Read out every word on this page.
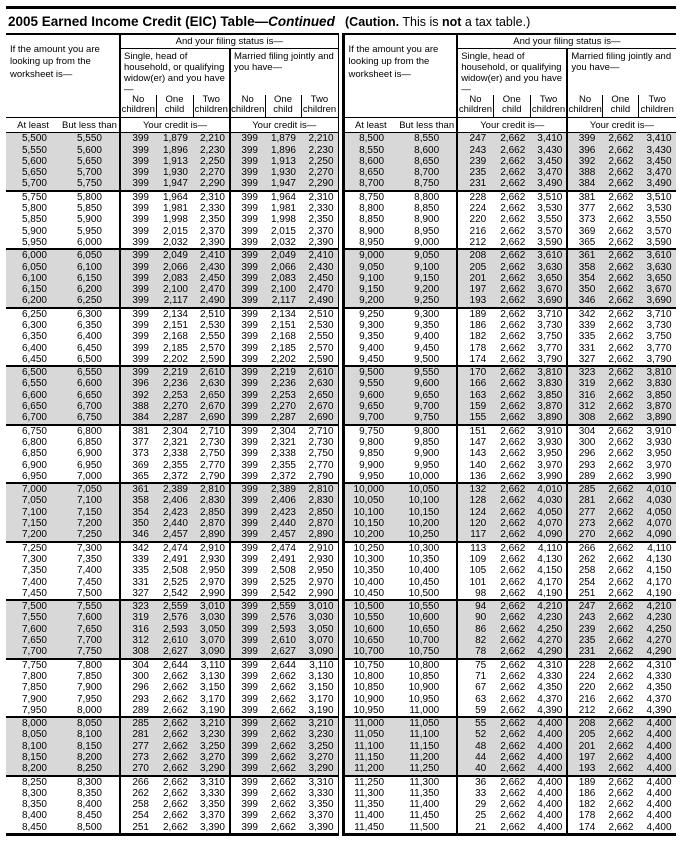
2005 Earned Income Credit (EIC) Table—Continued (Caution. This is not a tax table.)
If the amount you are looking up from the worksheet is—		And your filing status is—					
		Single, head of household, or qualifying widow(er) and you have—			Married filing jointly and you have—		
		No children	One child	Two children	No children	One child	Two children
At least	But less than	Your credit is—			Your credit is—		
5,500	5,550	399	1,879	2,210	399	1,879	2,210
5,550	5,600	399	1,896	2,230	399	1,896	2,230
5,600	5,650	399	1,913	2,250	399	1,913	2,250
5,650	5,700	399	1,930	2,270	399	1,930	2,270
5,700	5,750	399	1,947	2,290	399	1,947	2,290
5,750	5,800	399	1,964	2,310	399	1,964	2,310
5,800	5,850	399	1,981	2,330	399	1,981	2,330
5,850	5,900	399	1,998	2,350	399	1,998	2,350
5,900	5,950	399	2,015	2,370	399	2,015	2,370
5,950	6,000	399	2,032	2,390	399	2,032	2,390
6,000	6,050	399	2,049	2,410	399	2,049	2,410
6,050	6,100	399	2,066	2,430	399	2,066	2,430
6,100	6,150	399	2,083	2,450	399	2,083	2,450
6,150	6,200	399	2,100	2,470	399	2,100	2,470
6,200	6,250	399	2,117	2,490	399	2,117	2,490
6,250	6,300	399	2,134	2,510	399	2,134	2,510
6,300	6,350	399	2,151	2,530	399	2,151	2,530
6,350	6,400	399	2,168	2,550	399	2,168	2,550
6,400	6,450	399	2,185	2,570	399	2,185	2,570
6,450	6,500	399	2,202	2,590	399	2,202	2,590
6,500	6,550	399	2,219	2,610	399	2,219	2,610
6,550	6,600	396	2,236	2,630	399	2,236	2,630
6,600	6,650	392	2,253	2,650	399	2,253	2,650
6,650	6,700	388	2,270	2,670	399	2,270	2,670
6,700	6,750	384	2,287	2,690	399	2,287	2,690
6,750	6,800	381	2,304	2,710	399	2,304	2,710
6,800	6,850	377	2,321	2,730	399	2,321	2,730
6,850	6,900	373	2,338	2,750	399	2,338	2,750
6,900	6,950	369	2,355	2,770	399	2,355	2,770
6,950	7,000	365	2,372	2,790	399	2,372	2,790
7,000	7,050	361	2,389	2,810	399	2,389	2,810
7,050	7,100	358	2,406	2,830	399	2,406	2,830
7,100	7,150	354	2,423	2,850	399	2,423	2,850
7,150	7,200	350	2,440	2,870	399	2,440	2,870
7,200	7,250	346	2,457	2,890	399	2,457	2,890
7,250	7,300	342	2,474	2,910	399	2,474	2,910
7,300	7,350	339	2,491	2,930	399	2,491	2,930
7,350	7,400	335	2,508	2,950	399	2,508	2,950
7,400	7,450	331	2,525	2,970	399	2,525	2,970
7,450	7,500	327	2,542	2,990	399	2,542	2,990
7,500	7,550	323	2,559	3,010	399	2,559	3,010
7,550	7,600	319	2,576	3,030	399	2,576	3,030
7,600	7,650	316	2,593	3,050	399	2,593	3,050
7,650	7,700	312	2,610	3,070	399	2,610	3,070
7,700	7,750	308	2,627	3,090	399	2,627	3,090
7,750	7,800	304	2,644	3,110	399	2,644	3,110
7,800	7,850	300	2,662	3,130	399	2,662	3,130
7,850	7,900	296	2,662	3,150	399	2,662	3,150
7,900	7,950	293	2,662	3,170	399	2,662	3,170
7,950	8,000	289	2,662	3,190	399	2,662	3,190
8,000	8,050	285	2,662	3,210	399	2,662	3,210
8,050	8,100	281	2,662	3,230	399	2,662	3,230
8,100	8,150	277	2,662	3,250	399	2,662	3,250
8,150	8,200	273	2,662	3,270	399	2,662	3,270
8,200	8,250	270	2,662	3,290	399	2,662	3,290
8,250	8,300	266	2,662	3,310	399	2,662	3,310
8,300	8,350	262	2,662	3,330	399	2,662	3,330
8,350	8,400	258	2,662	3,350	399	2,662	3,350
8,400	8,450	254	2,662	3,370	399	2,662	3,370
8,450	8,500	251	2,662	3,390	399	2,662	3,390
If the amount you are looking up from the worksheet is—		And your filing status is—					
		Single, head of household, or qualifying widow(er) and you have—			Married filing jointly and you have—		
		No children	One child	Two children	No children	One child	Two children
At least	But less than	Your credit is—			Your credit is—		
8,500	8,550	247	2,662	3,410	399	2,662	3,410
8,550	8,600	243	2,662	3,430	396	2,662	3,430
8,600	8,650	239	2,662	3,450	392	2,662	3,450
8,650	8,700	235	2,662	3,470	388	2,662	3,470
8,700	8,750	231	2,662	3,490	384	2,662	3,490
8,750	8,800	228	2,662	3,510	381	2,662	3,510
8,800	8,850	224	2,662	3,530	377	2,662	3,530
8,850	8,900	220	2,662	3,550	373	2,662	3,550
8,900	8,950	216	2,662	3,570	369	2,662	3,570
8,950	9,000	212	2,662	3,590	365	2,662	3,590
9,000	9,050	208	2,662	3,610	361	2,662	3,610
9,050	9,100	205	2,662	3,630	358	2,662	3,630
9,100	9,150	201	2,662	3,650	354	2,662	3,650
9,150	9,200	197	2,662	3,670	350	2,662	3,670
9,200	9,250	193	2,662	3,690	346	2,662	3,690
9,250	9,300	189	2,662	3,710	342	2,662	3,710
9,300	9,350	186	2,662	3,730	339	2,662	3,730
9,350	9,400	182	2,662	3,750	335	2,662	3,750
9,400	9,450	178	2,662	3,770	331	2,662	3,770
9,450	9,500	174	2,662	3,790	327	2,662	3,790
9,500	9,550	170	2,662	3,810	323	2,662	3,810
9,550	9,600	166	2,662	3,830	319	2,662	3,830
9,600	9,650	163	2,662	3,850	316	2,662	3,850
9,650	9,700	159	2,662	3,870	312	2,662	3,870
9,700	9,750	155	2,662	3,890	308	2,662	3,890
9,750	9,800	151	2,662	3,910	304	2,662	3,910
9,800	9,850	147	2,662	3,930	300	2,662	3,930
9,850	9,900	143	2,662	3,950	296	2,662	3,950
9,900	9,950	140	2,662	3,970	293	2,662	3,970
9,950	10,000	136	2,662	3,990	289	2,662	3,990
10,000	10,050	132	2,662	4,010	285	2,662	4,010
10,050	10,100	128	2,662	4,030	281	2,662	4,030
10,100	10,150	124	2,662	4,050	277	2,662	4,050
10,150	10,200	120	2,662	4,070	273	2,662	4,070
10,200	10,250	117	2,662	4,090	270	2,662	4,090
10,250	10,300	113	2,662	4,110	266	2,662	4,110
10,300	10,350	109	2,662	4,130	262	2,662	4,130
10,350	10,400	105	2,662	4,150	258	2,662	4,150
10,400	10,450	101	2,662	4,170	254	2,662	4,170
10,450	10,500	98	2,662	4,190	251	2,662	4,190
10,500	10,550	94	2,662	4,210	247	2,662	4,210
10,550	10,600	90	2,662	4,230	243	2,662	4,230
10,600	10,650	86	2,662	4,250	239	2,662	4,250
10,650	10,700	82	2,662	4,270	235	2,662	4,270
10,700	10,750	78	2,662	4,290	231	2,662	4,290
10,750	10,800	75	2,662	4,310	228	2,662	4,310
10,800	10,850	71	2,662	4,330	224	2,662	4,330
10,850	10,900	67	2,662	4,350	220	2,662	4,350
10,900	10,950	63	2,662	4,370	216	2,662	4,370
10,950	11,000	59	2,662	4,390	212	2,662	4,390
11,000	11,050	55	2,662	4,400	208	2,662	4,400
11,050	11,100	52	2,662	4,400	205	2,662	4,400
11,100	11,150	48	2,662	4,400	201	2,662	4,400
11,150	11,200	44	2,662	4,400	197	2,662	4,400
11,200	11,250	40	2,662	4,400	193	2,662	4,400
11,250	11,300	36	2,662	4,400	189	2,662	4,400
11,300	11,350	33	2,662	4,400	186	2,662	4,400
11,350	11,400	29	2,662	4,400	182	2,662	4,400
11,400	11,450	25	2,662	4,400	178	2,662	4,400
11,450	11,500	21	2,662	4,400	174	2,662	4,400
